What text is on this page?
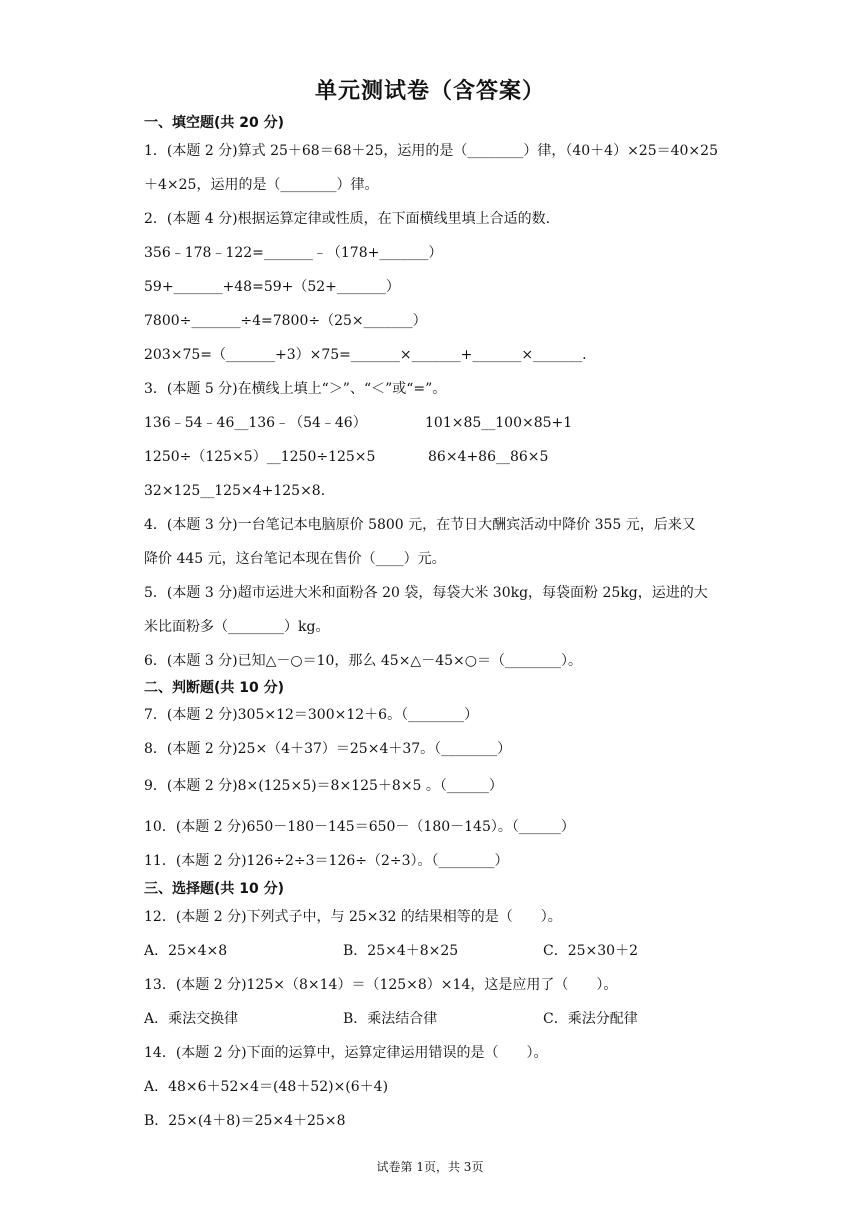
单元测试卷（含答案）
一、填空题(共 20 分)
1．(本题 2 分)算式 25＋68＝68＋25，运用的是（________）律，（40＋4）×25＝40×25
＋4×25，运用的是（________）律。
2．(本题 4 分)根据运算定律或性质，在下面横线里填上合适的数.
356﹣178﹣122=_______﹣（178+_______）
59+_______+48=59+（52+_______）
7800÷_______÷4=7800÷（25×_______）
203×75=（_______+3）×75=_______×_______+_______×_______.
3．(本题 5 分)在横线上填上“＞”、“＜”或“=”。
136﹣54﹣46__136﹣（54﹣46）	101×85__100×85+1
1250÷（125×5）__1250÷125×5	86×4+86__86×5
32×125__125×4+125×8.
4．(本题 3 分)一台笔记本电脑原价 5800 元，在节日大酬宾活动中降价 355 元，后来又
降价 445 元，这台笔记本现在售价（____）元。
5．(本题 3 分)超市运进大米和面粉各 20 袋，每袋大米 30kg，每袋面粉 25kg，运进的大
米比面粉多（________）kg。
6．(本题 3 分)已知△－○＝10，那么 45×△－45×○＝（________）。
二、判断题(共 10 分)
7．(本题 2 分)305×12＝300×12＋6。（________）
8．(本题 2 分)25×（4＋37）＝25×4＋37。（________）
9．(本题 2 分)8×(125×5)＝8×125＋8×5 。（______）
10．(本题 2 分)650－180－145＝650－（180－145）。（______）
11．(本题 2 分)126÷2÷3＝126÷（2÷3）。（________）
三、选择题(共 10 分)
12．(本题 2 分)下列式子中，与 25×32 的结果相等的是（　　）。
A．25×4×8	B．25×4＋8×25	C．25×30＋2
13．(本题 2 分)125×（8×14）＝（125×8）×14，这是应用了（　　）。
A．乘法交换律	B．乘法结合律	C．乘法分配律
14．(本题 2 分)下面的运算中，运算定律运用错误的是（　　）。
A．48×6＋52×4＝(48＋52)×(6＋4)
B．25×(4＋8)＝25×4＋25×8
试卷第 1页，共 3页
